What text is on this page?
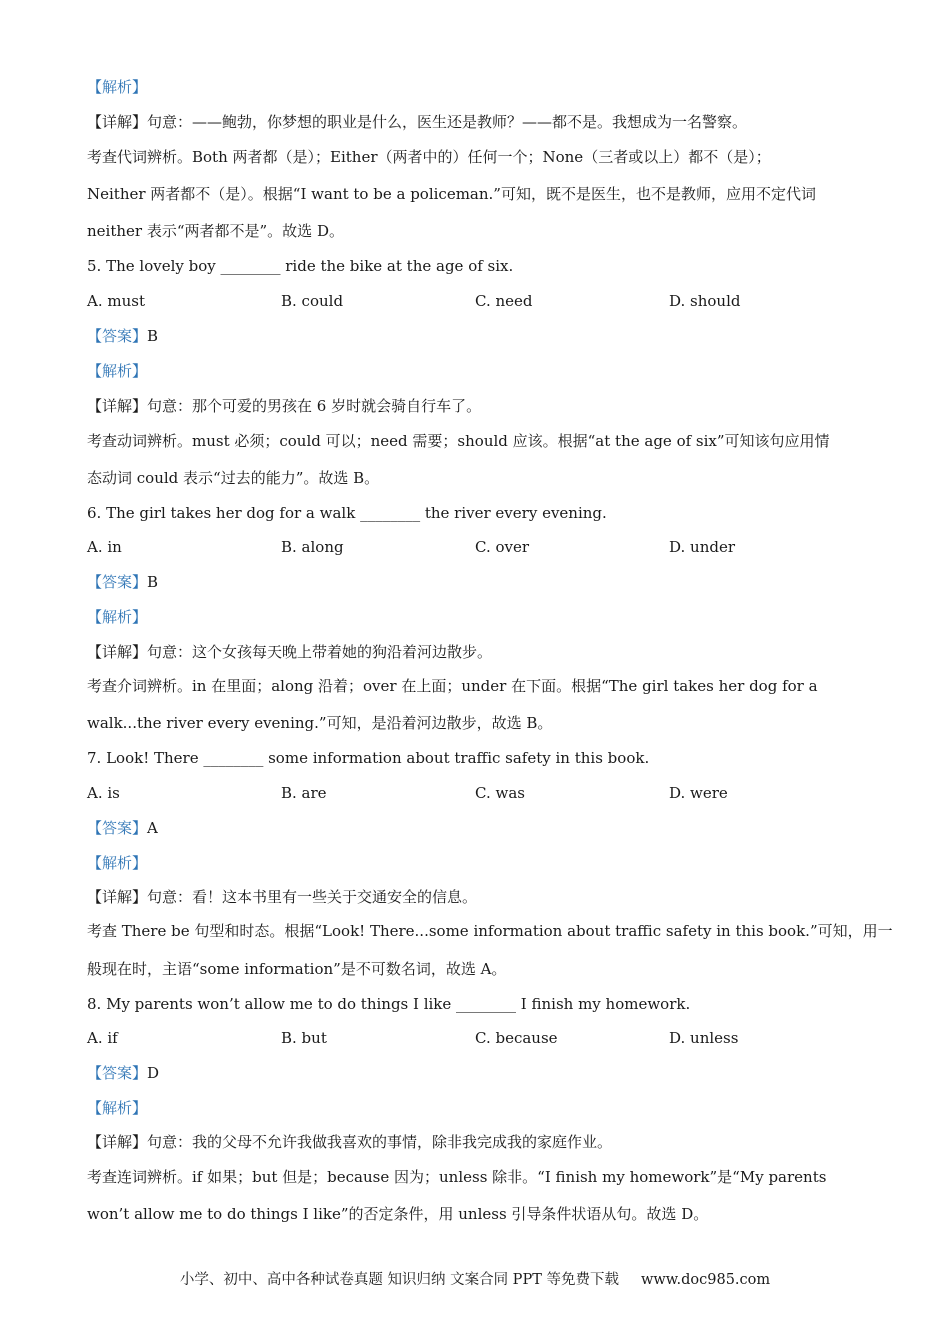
【解析】
【详解】句意：——鲍勃，你梦想的职业是什么，医生还是教师？——都不是。我想成为一名警察。
考查代词辨析。Both 两者都（是）；Either（两者中的）任何一个；None（三者或以上）都不（是）；
Neither 两者都不（是）。根据“I want to be a policeman.”可知，既不是医生，也不是教师，应用不定代词
neither 表示“两者都不是”。故选 D。
5. The lovely boy ________ ride the bike at the age of six.
A. must	B. could	C. need	D. should
【答案】B
【解析】
【详解】句意：那个可爱的男孩在 6 岁时就会骑自行车了。
考查动词辨析。must 必须；could 可以；need 需要；should 应该。根据“at the age of six”可知该句应用情
态动词 could 表示“过去的能力”。故选 B。
6. The girl takes her dog for a walk ________ the river every evening.
A. in	B. along	C. over	D. under
【答案】B
【解析】
【详解】句意：这个女孩每天晚上带着她的狗沿着河边散步。
考查介词辨析。in 在里面；along 沿着；over 在上面；under 在下面。根据“The girl takes her dog for a
walk...the river every evening.”可知，是沿着河边散步，故选 B。
7. Look! There ________ some information about traffic safety in this book.
A. is	B. are	C. was	D. were
【答案】A
【解析】
【详解】句意：看！这本书里有一些关于交通安全的信息。
考查 There be 句型和时态。根据“Look! There...some information about traffic safety in this book.”可知，用一
般现在时，主语“some information”是不可数名词，故选 A。
8. My parents won’t allow me to do things I like ________ I finish my homework.
A. if	B. but	C. because	D. unless
【答案】D
【解析】
【详解】句意：我的父母不允许我做我喜欢的事情，除非我完成我的家庭作业。
考查连词辨析。if 如果；but 但是；because 因为；unless 除非。“I finish my homework”是“My parents
won’t allow me to do things I like”的否定条件，用 unless 引导条件状语从句。故选 D。
小学、初中、高中各种试卷真题 知识归纳 文案合同 PPT 等免费下载 www.doc985.com
